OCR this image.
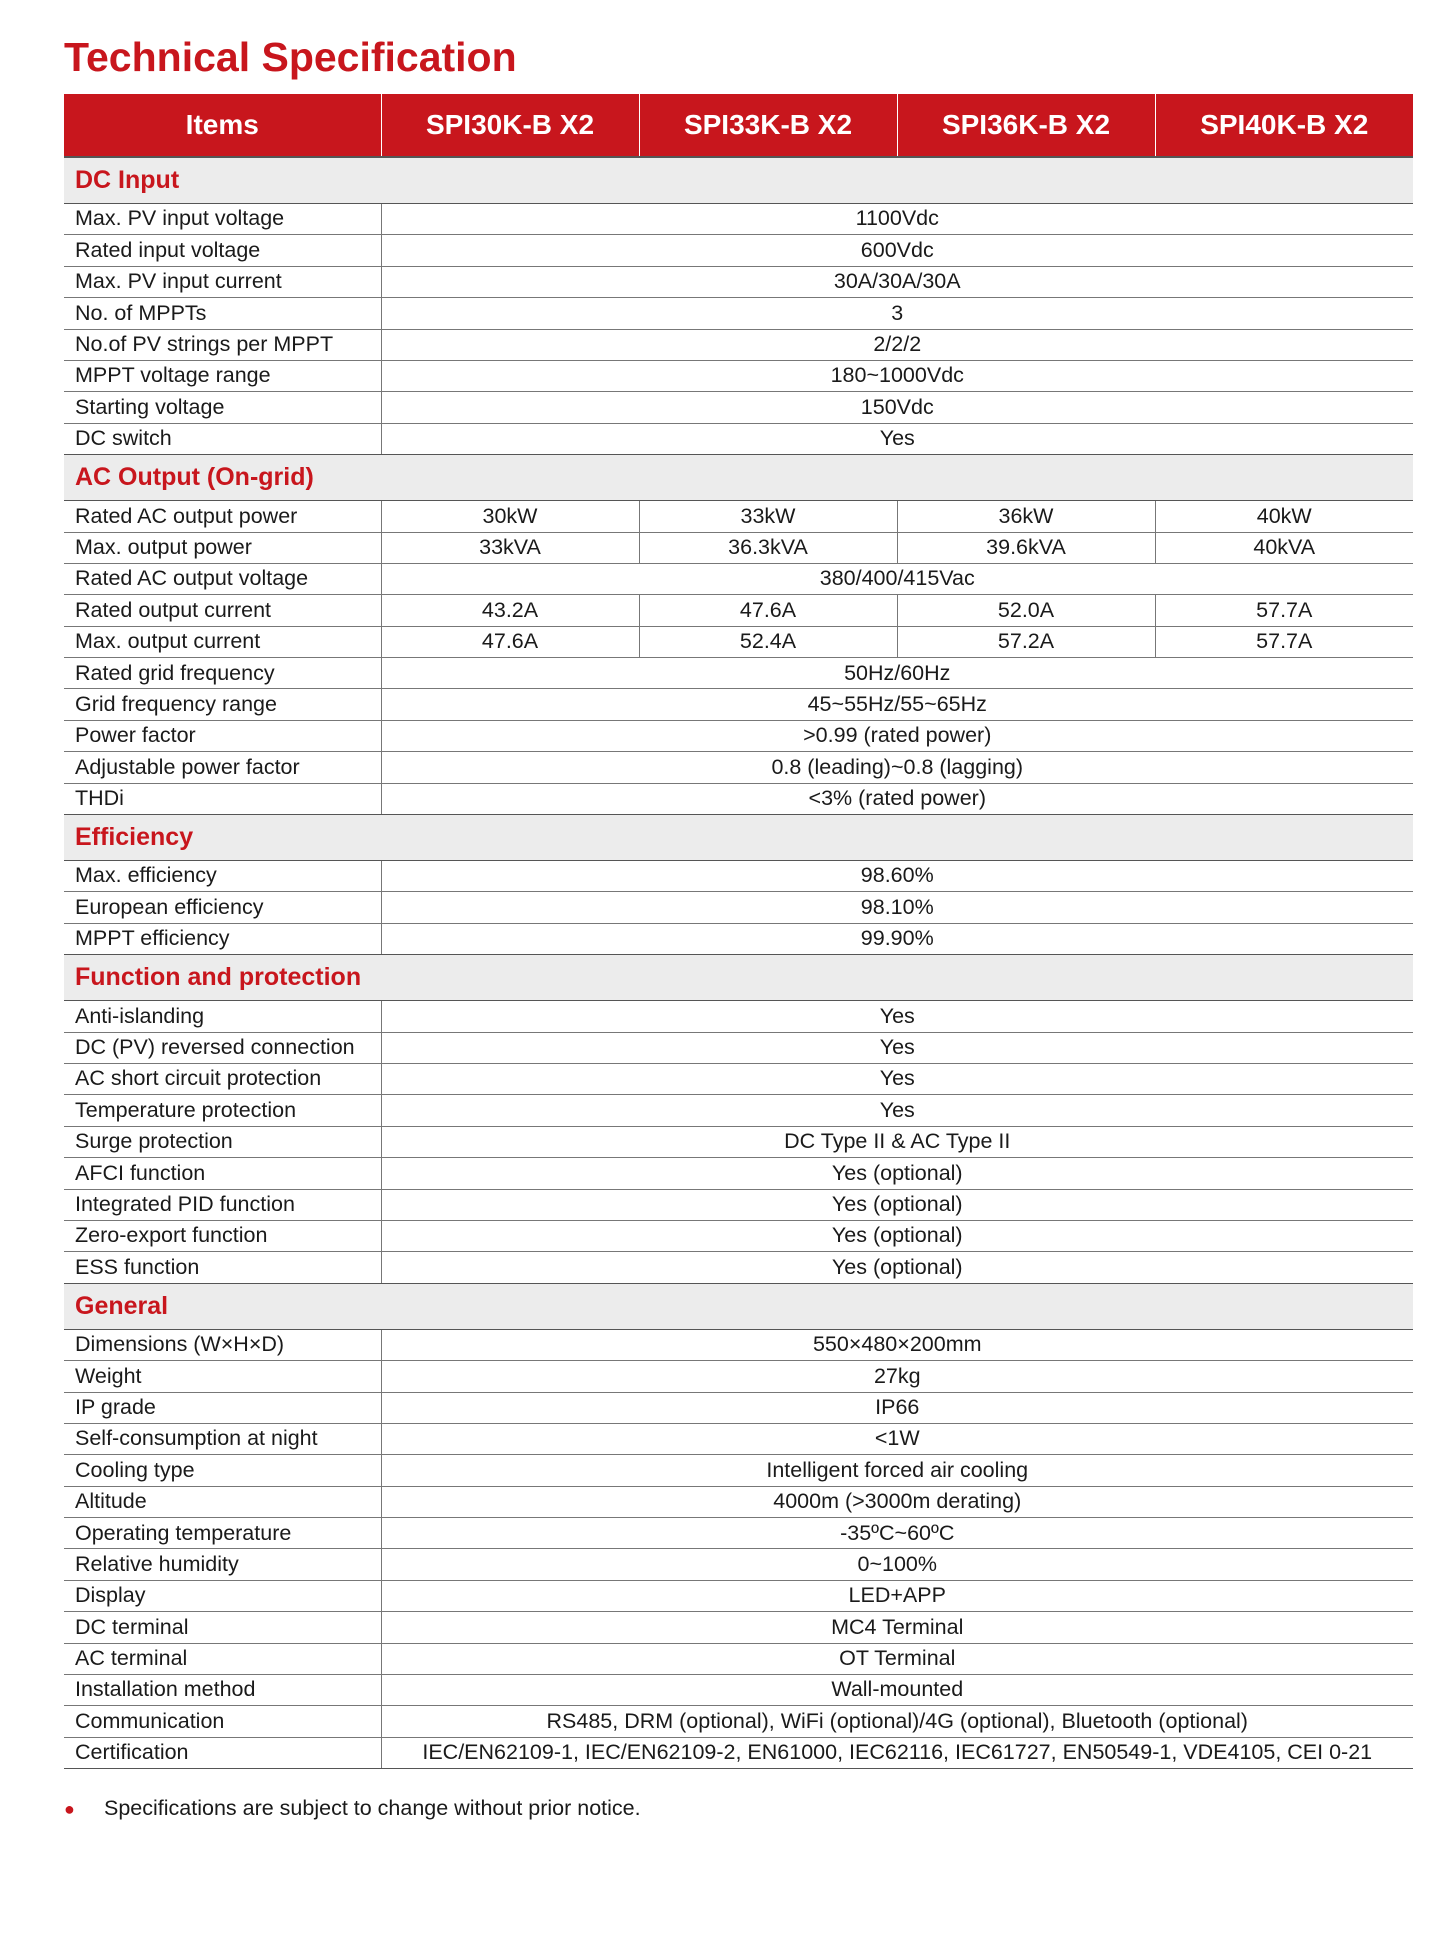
Technical Specification
Items	SPI30K-B X2	SPI33K-B X2	SPI36K-B X2	SPI40K-B X2
DC Input				
Max. PV input voltage	1100Vdc			
Rated input voltage	600Vdc			
Max. PV input current	30A/30A/30A			
No. of MPPTs	3			
No.of PV strings per MPPT	2/2/2			
MPPT voltage range	180~1000Vdc			
Starting voltage	150Vdc			
DC switch	Yes			
AC Output (On-grid)				
Rated AC output power	30kW	33kW	36kW	40kW
Max. output power	33kVA	36.3kVA	39.6kVA	40kVA
Rated AC output voltage	380/400/415Vac			
Rated output current	43.2A	47.6A	52.0A	57.7A
Max. output current	47.6A	52.4A	57.2A	57.7A
Rated grid frequency	50Hz/60Hz			
Grid frequency range	45~55Hz/55~65Hz			
Power factor	>0.99 (rated power)			
Adjustable power factor	0.8 (leading)~0.8 (lagging)			
THDi	<3% (rated power)			
Efficiency				
Max. efficiency	98.60%			
European efficiency	98.10%			
MPPT efficiency	99.90%			
Function and protection				
Anti-islanding	Yes			
DC (PV) reversed connection	Yes			
AC short circuit protection	Yes			
Temperature protection	Yes			
Surge protection	DC Type II & AC Type II			
AFCI function	Yes (optional)			
Integrated PID function	Yes (optional)			
Zero-export function	Yes (optional)			
ESS function	Yes (optional)			
General				
Dimensions (W×H×D)	550×480×200mm			
Weight	27kg			
IP grade	IP66			
Self-consumption at night	<1W			
Cooling type	Intelligent forced air cooling			
Altitude	4000m (>3000m derating)			
Operating temperature	-35ºC~60ºC			
Relative humidity	0~100%			
Display	LED+APP			
DC terminal	MC4 Terminal			
AC terminal	OT Terminal			
Installation method	Wall-mounted			
Communication	RS485, DRM (optional), WiFi (optional)/4G (optional), Bluetooth (optional)			
Certification	IEC/EN62109-1, IEC/EN62109-2, EN61000, IEC62116, IEC61727, EN50549-1, VDE4105, CEI 0-21			
● Specifications are subject to change without prior notice.
